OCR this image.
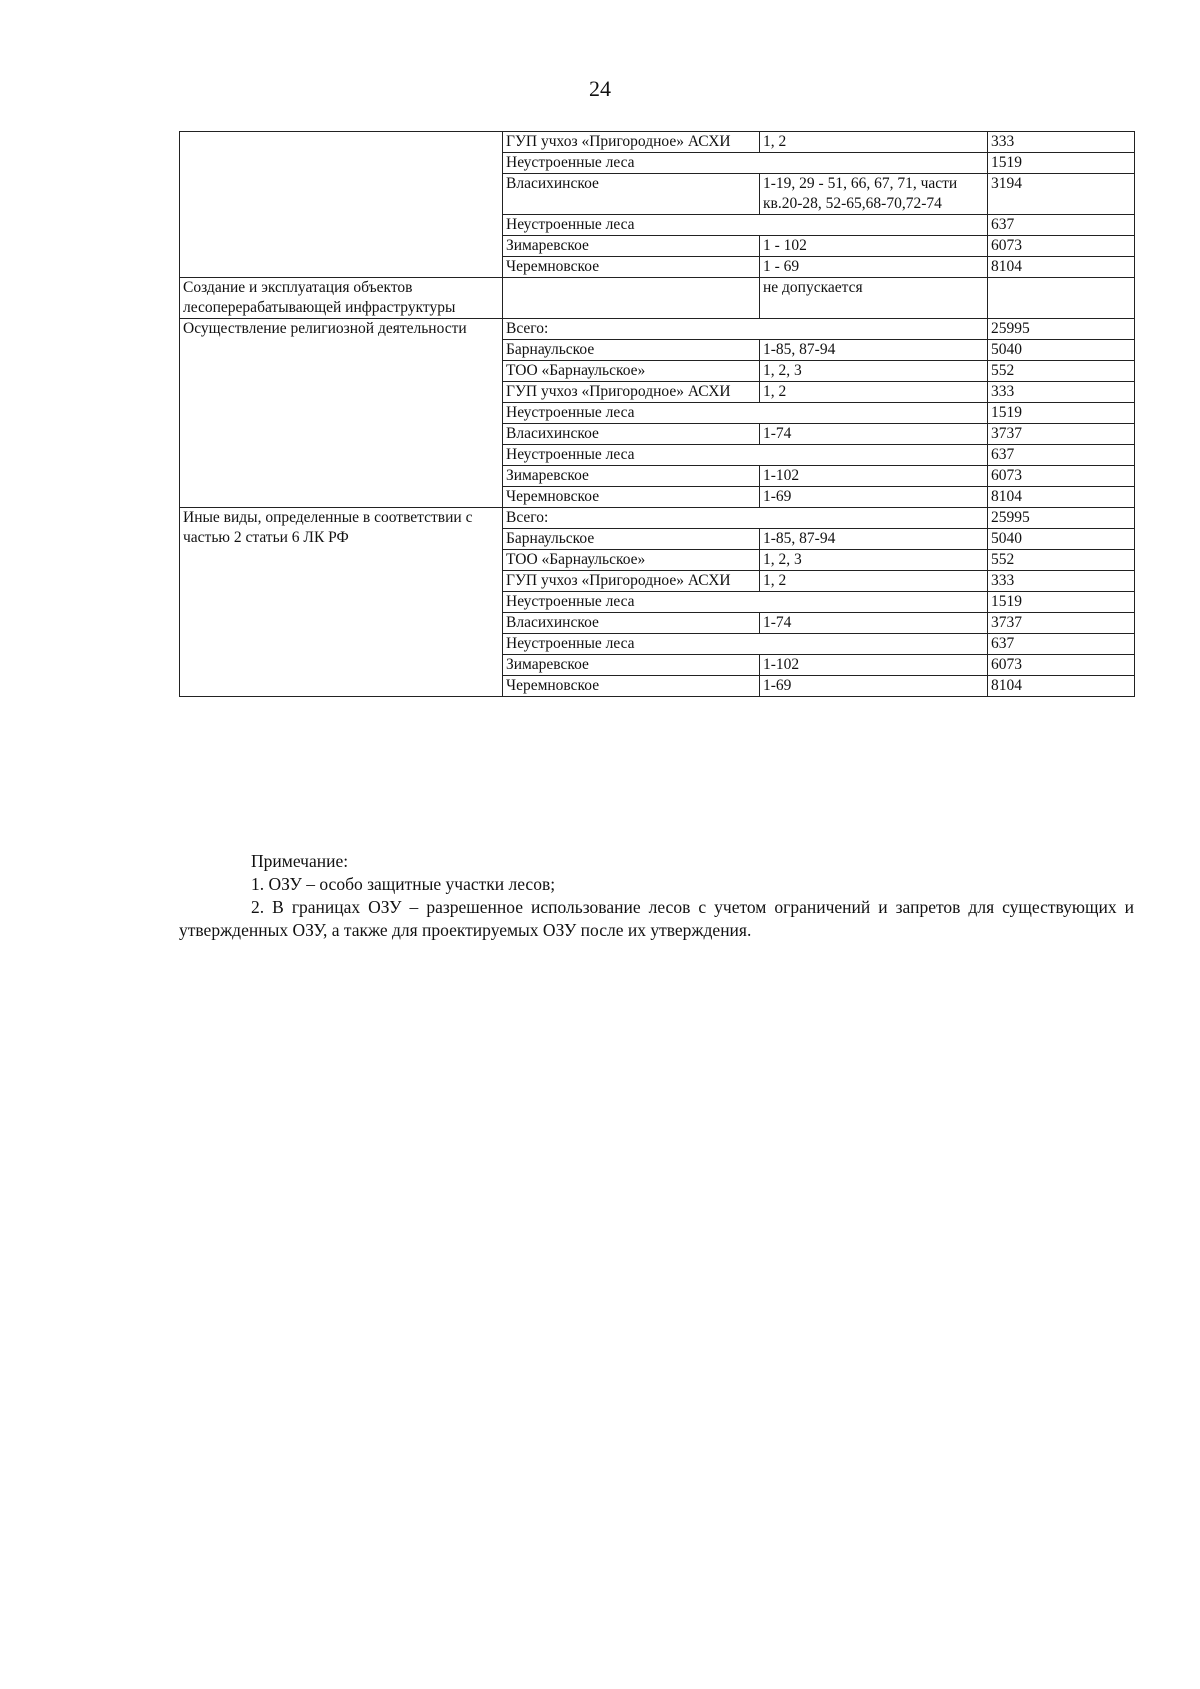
24
	ГУП учхоз «Пригородное» АСХИ	1, 2	333
	Неустроенные леса		1519
	Власихинское	1-19, 29 - 51, 66, 67, 71, части кв.20-28, 52-65,68-70,72-74	3194
	Неустроенные леса		637
	Зимаревское	1 - 102	6073
	Черемновское	1 - 69	8104
Создание и эксплуатация объектов лесоперерабатывающей инфраструктуры		не допускается	
Осуществление религиозной деятельности	Всего:		25995
	Барнаульское	1-85, 87-94	5040
	ТОО «Барнаульское»	1, 2, 3	552
	ГУП учхоз «Пригородное» АСХИ	1, 2	333
	Неустроенные леса		1519
	Власихинское	1-74	3737
	Неустроенные леса		637
	Зимаревское	1-102	6073
	Черемновское	1-69	8104
Иные виды, определенные в соответствии с частью 2 статьи 6 ЛК РФ	Всего:		25995
	Барнаульское	1-85, 87-94	5040
	ТОО «Барнаульское»	1, 2, 3	552
	ГУП учхоз «Пригородное» АСХИ	1, 2	333
	Неустроенные леса		1519
	Власихинское	1-74	3737
	Неустроенные леса		637
	Зимаревское	1-102	6073
	Черемновское	1-69	8104
Примечание:
1. ОЗУ – особо защитные участки лесов;
2. В границах ОЗУ – разрешенное использование лесов с учетом ограничений и запретов для существующих и утвержденных ОЗУ, а также для проектируемых ОЗУ после их утверждения.
